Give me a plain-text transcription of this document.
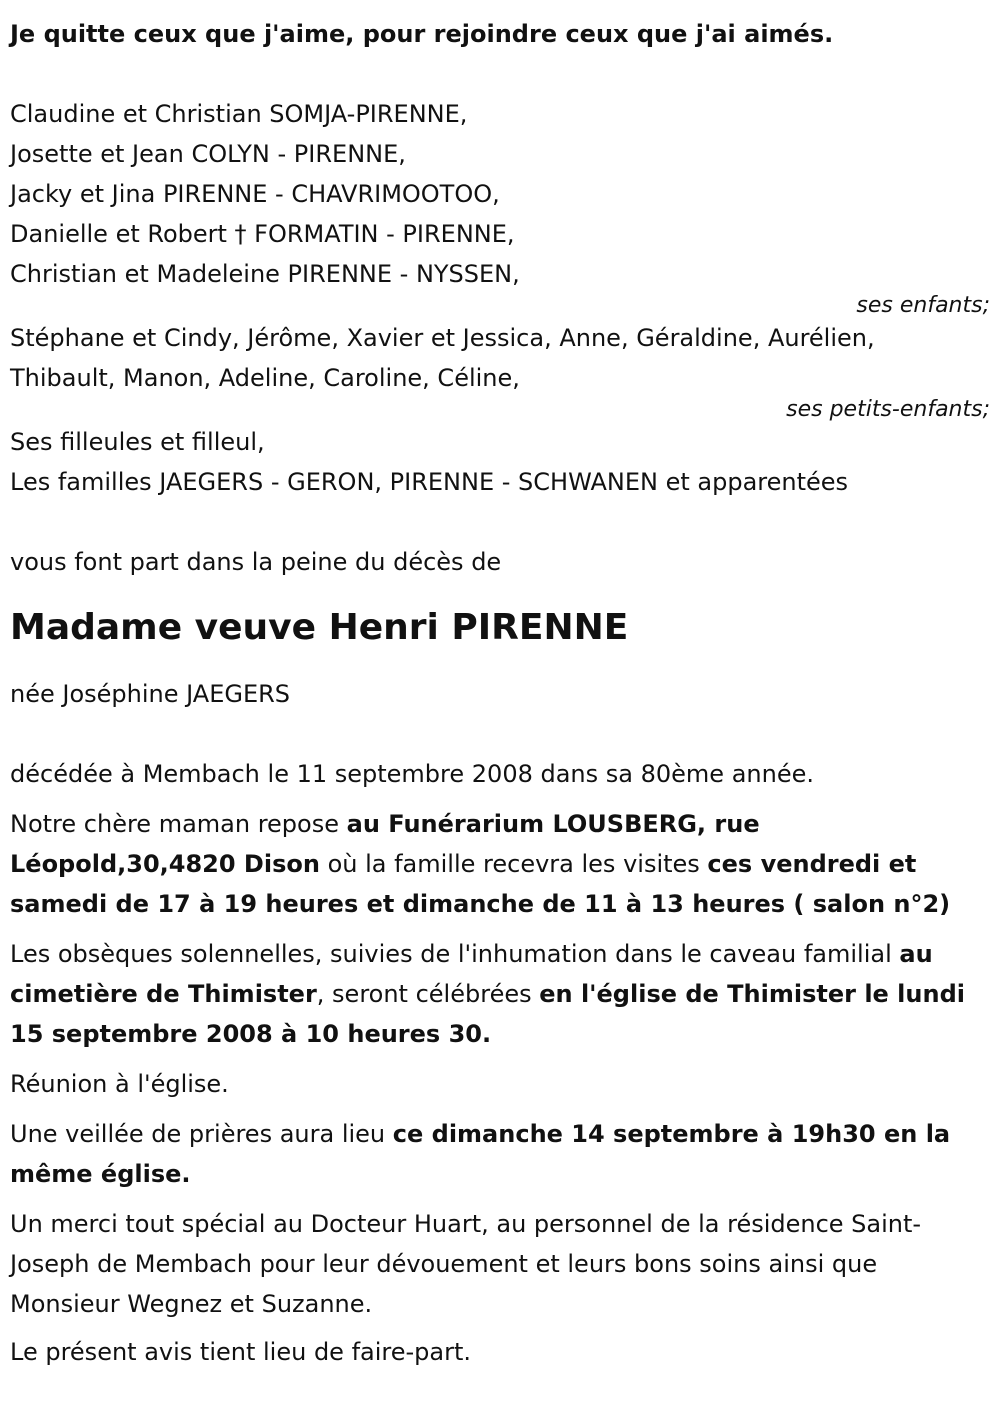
Je quitte ceux que j'aime, pour rejoindre ceux que j'ai aimés.
Claudine et Christian SOMJA-PIRENNE,
Josette et Jean COLYN - PIRENNE,
Jacky et Jina PIRENNE - CHAVRIMOOTOO,
Danielle et Robert † FORMATIN - PIRENNE,
Christian et Madeleine PIRENNE - NYSSEN,
ses enfants;
Stéphane et Cindy, Jérôme, Xavier et Jessica, Anne, Géraldine, Aurélien,
Thibault, Manon, Adeline, Caroline, Céline,
ses petits-enfants;
Ses filleules et filleul,
Les familles JAEGERS - GERON, PIRENNE - SCHWANEN et apparentées
vous font part dans la peine du décès de
Madame veuve Henri PIRENNE
née Joséphine JAEGERS
décédée à Membach le 11 septembre 2008 dans sa 80ème année.
Notre chère maman repose au Funérarium LOUSBERG, rue Léopold,30,4820 Dison où la famille recevra les visites ces vendredi et samedi de 17 à 19 heures et dimanche de 11 à 13 heures ( salon n°2)
Les obsèques solennelles, suivies de l'inhumation dans le caveau familial au cimetière de Thimister, seront célébrées en l'église de Thimister le lundi 15 septembre 2008 à 10 heures 30.
Réunion à l'église.
Une veillée de prières aura lieu ce dimanche 14 septembre à 19h30 en la même église.
Un merci tout spécial au Docteur Huart, au personnel de la résidence Saint-Joseph de Membach pour leur dévouement et leurs bons soins ainsi que Monsieur Wegnez et Suzanne.
Le présent avis tient lieu de faire-part.
